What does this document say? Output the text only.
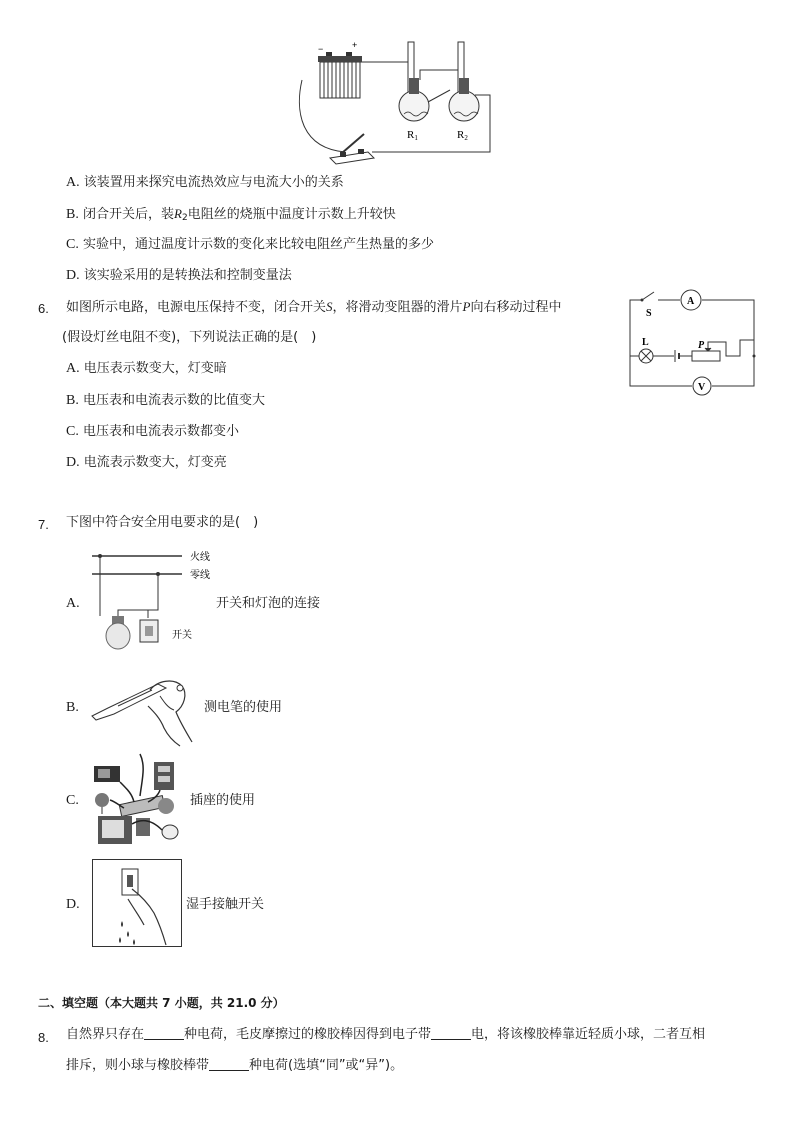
−	+
R1	R2
A. 该装置用来探究电流热效应与电流大小的关系
B. 闭合开关后，装$R_2$电阻丝的烧瓶中温度计示数上升较快
C. 实验中，通过温度计示数的变化来比较电阻丝产生热量的多少
D. 该实验采用的是转换法和控制变量法
6. 如图所示电路，电源电压保持不变，闭合开关S，将滑动变阻器的滑片P向右移动过程中
(假设灯丝电阻不变)，下列说法正确的是(　)
A
S
L	P
V
A. 电压表示数变大，灯变暗
B. 电压表和电流表示数的比值变大
C. 电压表和电流表示数都变小
D. 电流表示数变大，灯变亮
7. 下图中符合安全用电要求的是(　)
A.
火线
零线
开关
开关和灯泡的连接
B.	测电笔的使用
C.	插座的使用
D.	湿手接触开关
二、填空题（本大题共 7 小题，共 21.0 分）
8. 自然界只存在	种电荷，毛皮摩擦过的橡胶棒因得到电子带	电，将该橡胶棒靠近轻质小球，二者互相
排斥，则小球与橡胶棒带	种电荷(选填“同”或“异”)。
